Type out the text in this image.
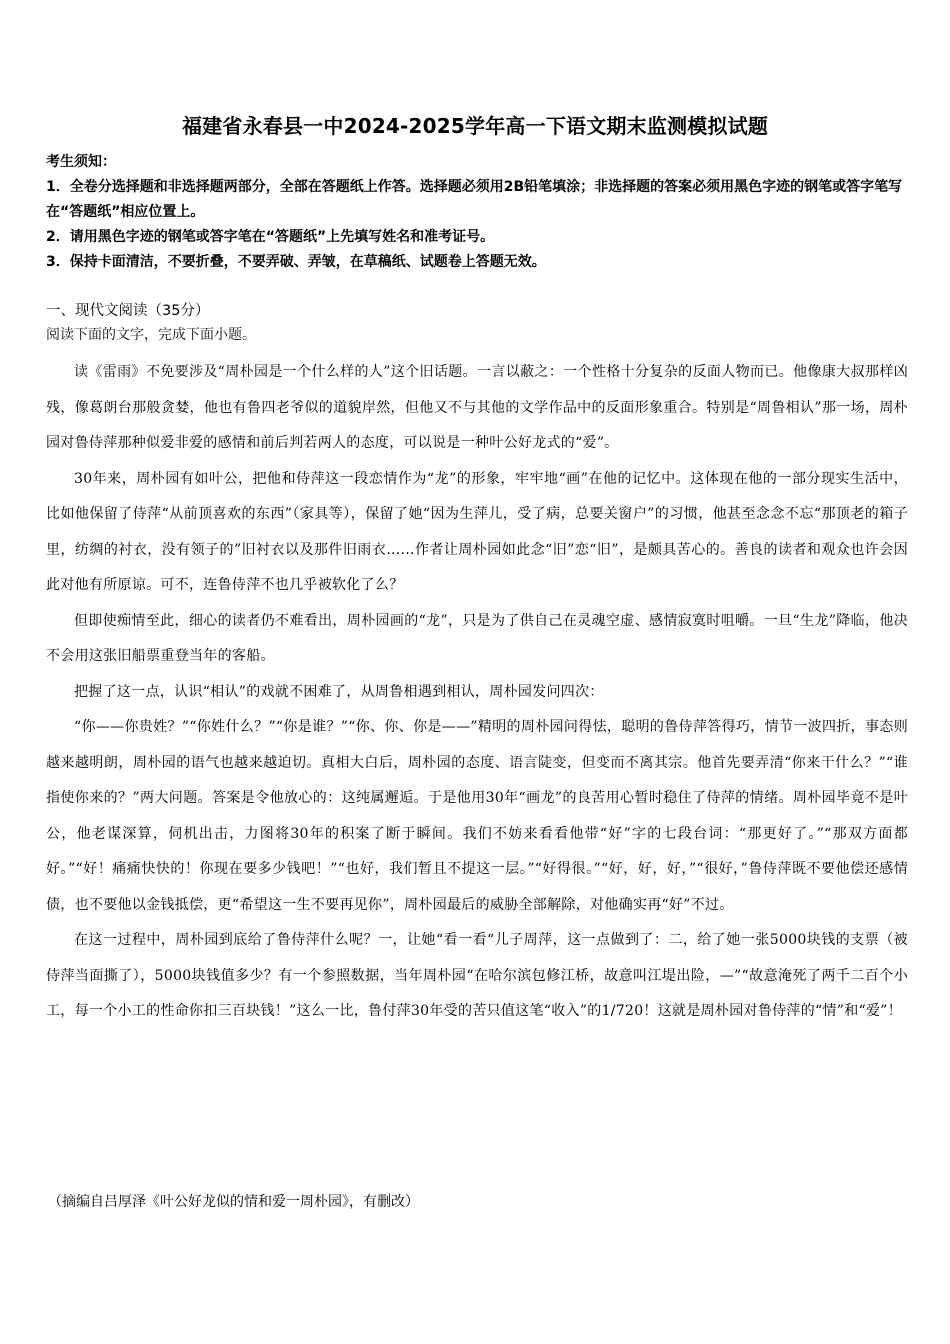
福建省永春县一中2024-2025学年高一下语文期末监测模拟试题
考生须知：
1．全卷分选择题和非选择题两部分，全部在答题纸上作答。选择题必须用2B铅笔填涂；非选择题的答案必须用黑色字迹的钢笔或答字笔写在“答题纸”相应位置上。
2．请用黑色字迹的钢笔或答字笔在“答题纸”上先填写姓名和准考证号。
3．保持卡面清洁，不要折叠，不要弄破、弄皱，在草稿纸、试题卷上答题无效。
一、现代文阅读（35分）
阅读下面的文字，完成下面小题。

读《雷雨》不免要涉及“周朴园是一个什么样的人”这个旧话题。一言以蔽之：一个性格十分复杂的反面人物而已。他像康大叔那样凶残，像葛朗台那般贪婪，他也有鲁四老爷似的道貌岸然，但他又不与其他的文学作品中的反面形象重合。特别是“周鲁相认”那一场，周朴园对鲁侍萍那种似爱非爱的感情和前后判若两人的态度，可以说是一种叶公好龙式的“爱”。

30年来，周朴园有如叶公，把他和侍萍这一段恋情作为“龙”的形象，牢牢地“画”在他的记忆中。这体现在他的一部分现实生活中，比如他保留了侍萍“从前顶喜欢的东西”（家具等），保留了她“因为生萍儿，受了病，总要关窗户”的习惯，他甚至念念不忘“那顶老的箱子里，纺绸的衬衣，没有领子的”旧衬衣以及那件旧雨衣……作者让周朴园如此念“旧”恋“旧”，是颇具苦心的。善良的读者和观众也许会因此对他有所原谅。可不，连鲁侍萍不也几乎被软化了么？

但即使痴情至此，细心的读者仍不难看出，周朴园画的“龙”，只是为了供自己在灵魂空虚、感情寂寞时咀嚼。一旦“生龙”降临，他决不会用这张旧船票重登当年的客船。

把握了这一点，认识“相认”的戏就不困难了，从周鲁相遇到相认，周朴园发问四次：

“你——你贵姓？”“你姓什么？”“你是谁？”“你、你、你是——”精明的周朴园问得怯，聪明的鲁侍萍答得巧，情节一波四折，事态则越来越明朗，周朴园的语气也越来越迫切。真相大白后，周朴园的态度、语言陡变，但变而不离其宗。他首先要弄清“你来干什么？”“谁指使你来的？”两大问题。答案是令他放心的：这纯属邂逅。于是他用30年“画龙”的良苦用心暂时稳住了侍萍的情绪。周朴园毕竟不是叶公，他老谋深算，伺机出击，力图将30年的积案了断于瞬间。我们不妨来看看他带“好”字的七段台词：“那更好了。”“那双方面都好。”“好！痛痛快快的！你现在要多少钱吧！”“也好，我们暂且不提这一层。”“好得很。”“好，好，好，”“很好，”鲁侍萍既不要他偿还感情债，也不要他以金钱抵偿，更“希望这一生不要再见你”，周朴园最后的威胁全部解除，对他确实再“好”不过。

在这一过程中，周朴园到底给了鲁侍萍什么呢？一，让她“看一看“儿子周萍，这一点做到了：二，给了她一张5000块钱的支票（被侍萍当面撕了），5000块钱值多少？有一个参照数据，当年周朴园“在哈尔滨包修江桥，故意叫江堤出险，—”“故意淹死了两千二百个小工，每一个小工的性命你扣三百块钱！”这么一比，鲁付萍30年受的苦只值这笔“收入”的1/720！这就是周朴园对鲁侍萍的“情”和“爱”！

（摘编自吕厚泽《叶公好龙似的情和爱一周朴园》，有删改）
